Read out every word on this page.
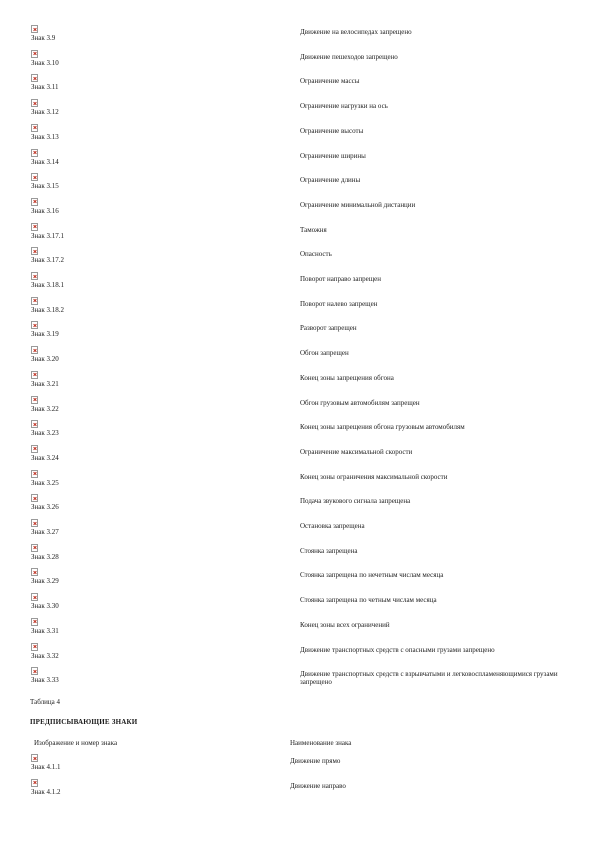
Знак 3.9
Движение на велосипедах запрещено
Знак 3.10
Движение пешеходов запрещено
Знак 3.11
Ограничение массы
Знак 3.12
Ограничение нагрузки на ось
Знак 3.13
Ограничение высоты
Знак 3.14
Ограничение ширины
Знак 3.15
Ограничение длины
Знак 3.16
Ограничение минимальной дистанции
Знак 3.17.1
Таможня
Знак 3.17.2
Опасность
Знак 3.18.1
Поворот направо запрещен
Знак 3.18.2
Поворот налево запрещен
Знак 3.19
Разворот запрещен
Знак 3.20
Обгон запрещен
Знак 3.21
Конец зоны запрещения обгона
Знак 3.22
Обгон грузовым автомобилям запрещен
Знак 3.23
Конец зоны запрещения обгона грузовым автомобилям
Знак 3.24
Ограничение максимальной скорости
Знак 3.25
Конец зоны ограничения максимальной скорости
Знак 3.26
Подача звукового сигнала запрещена
Знак 3.27
Остановка запрещена
Знак 3.28
Стоянка запрещена
Знак 3.29
Стоянка запрещена по нечетным числам месяца
Знак 3.30
Стоянка запрещена по четным числам месяца
Знак 3.31
Конец зоны всех ограничений
Знак 3.32
Движение транспортных средств с опасными грузами запрещено
Знак 3.33
Движение транспортных средств с взрывчатыми и легковоспламеняющимися грузами запрещено
Таблица 4
ПРЕДПИСЫВАЮЩИЕ ЗНАКИ
Изображение и номер знака	Наименование знака
Знак 4.1.1
Движение прямо
Знак 4.1.2
Движение направо
